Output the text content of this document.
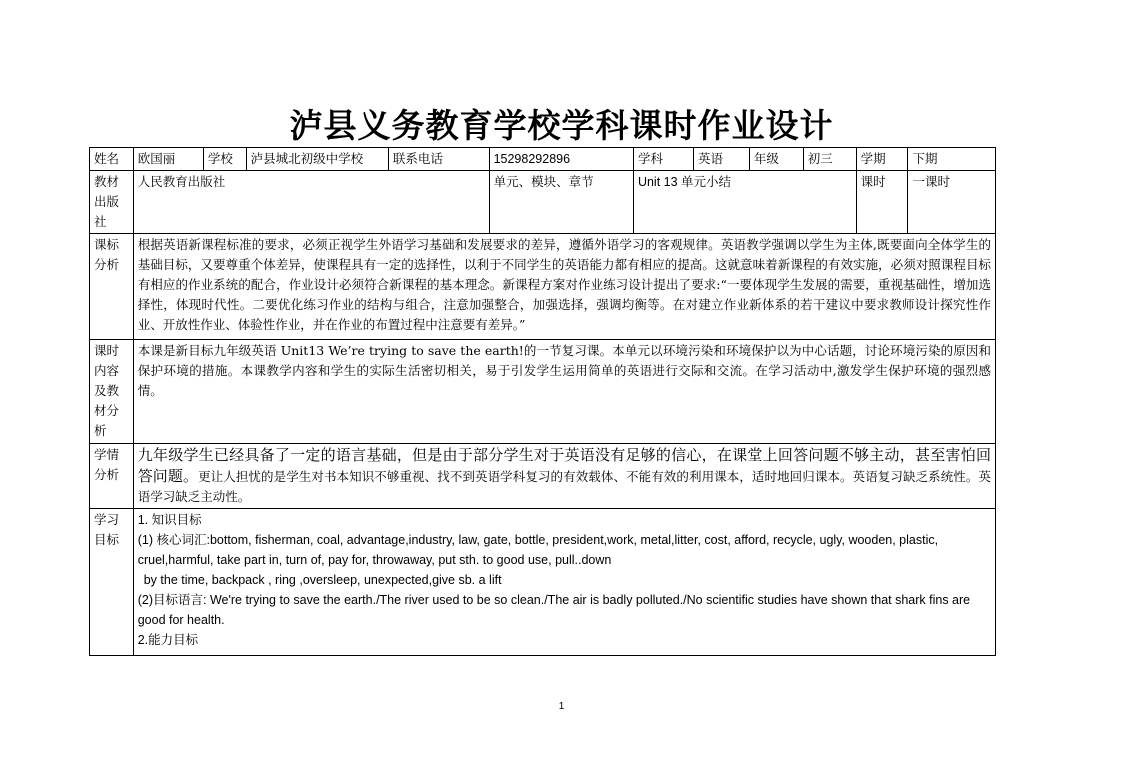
泸县义务教育学校学科课时作业设计
姓名	欧国丽	学校	泸县城北初级中学校	联系电话	15298292896	学科	英语	年级	初三	学期	下期
教材出版社	人民教育出版社				单元、模块、章节	Unit 13 单元小结				课时	一课时
课标分析	根据英语新课程标准的要求，必须正视学生外语学习基础和发展要求的差异，遵循外语学习的客观规律。英语教学强调以学生为主体,既要面向全体学生的基础目标，又要尊重个体差异，使课程具有一定的选择性，以利于不同学生的英语能力都有相应的提高。这就意味着新课程的有效实施，必须对照课程目标有相应的作业系统的配合，作业设计必须符合新课程的基本理念。新课程方案对作业练习设计提出了要求:“一要体现学生发展的需要，重视基础性，增加选择性，体现时代性。二要优化练习作业的结构与组合，注意加强整合，加强选择，强调均衡等。在对建立作业新体系的若干建议中要求教师设计探究性作业、开放性作业、体验性作业，并在作业的布置过程中注意要有差异。”										
课时内容及教材分析	本课是新目标九年级英语 Unit13 We’re trying to save the earth!的一节复习课。本单元以环境污染和环境保护以为中心话题，讨论环境污染的原因和保护环境的措施。本课教学内容和学生的实际生活密切相关，易于引发学生运用简单的英语进行交际和交流。在学习活动中,激发学生保护环境的强烈感情。										
学情分析	九年级学生已经具备了一定的语言基础，但是由于部分学生对于英语没有足够的信心，在课堂上回答问题不够主动，甚至害怕回答问题。更让人担忧的是学生对书本知识不够重视、找不到英语学科复习的有效载体、不能有效的利用课本，适时地回归课本。英语复习缺乏系统性。英语学习缺乏主动性。										
学习目标	1. 知识目标
(1) 核心词汇:bottom, fisherman, coal, advantage,industry, law, gate, bottle, president,work, metal,litter, cost, afford, recycle, ugly, wooden, plastic, cruel,harmful, take part in, turn of, pay for, throwaway, put sth. to good use, pull..down
by the time, backpack , ring ,oversleep, unexpected,give sb. a lift
(2)目标语言: We're trying to save the earth./The river used to be so clean./The air is badly polluted./No scientific studies have shown that shark fins are good for health.
2.能力目标										
1
